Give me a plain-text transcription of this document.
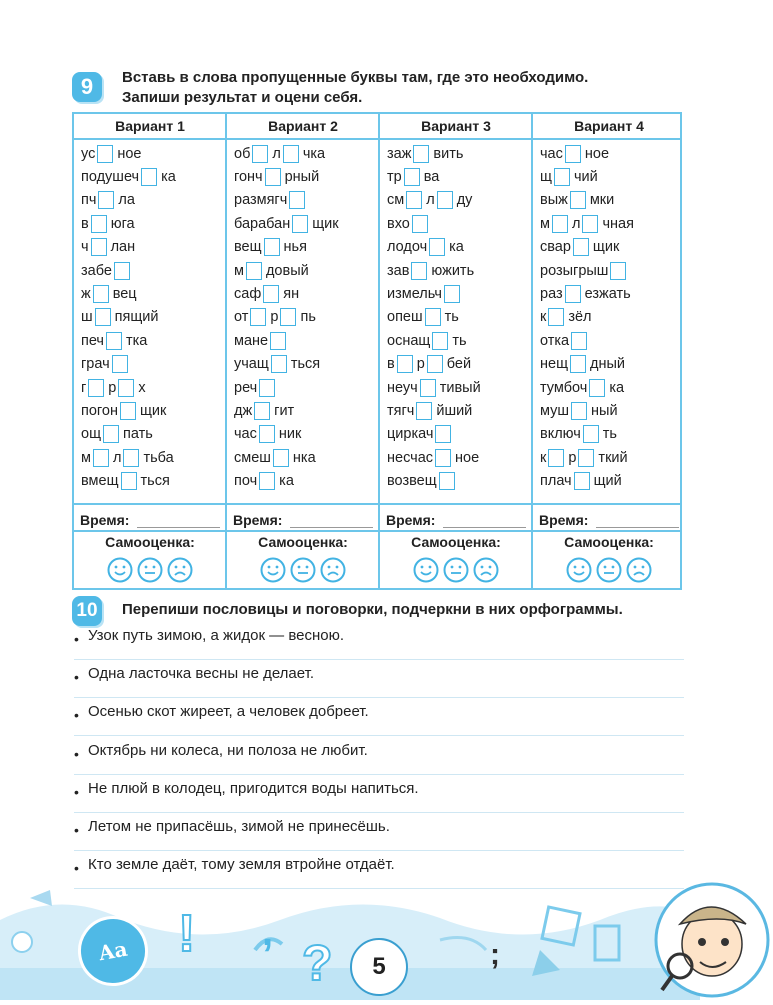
9 Вставь в слова пропущенные буквы там, где это необходимо.
Запиши результат и оцени себя.
Вариант 1
ус ное
подушеч ка
пч ла
в юга
ч лан
забе
ж вец
ш пящий
печ тка
грач
г р х
погон щик
ощ пать
м л тьба
вмещ ться
Время:
Самооценка:
Вариант 2
об л чка
гонч рный
размягч
барабан щик
вещ нья
м довый
саф ян
от р пь
мане
учащ ться
реч
дж гит
час ник
смеш нка
поч ка
Время:
Самооценка:
Вариант 3
заж вить
тр ва
см л ду
вхо
лодоч ка
зав южить
измельч
опеш ть
оснащ ть
в р бей
неуч тивый
тягч йший
циркач
несчас ное
возвещ
Время:
Самооценка:
Вариант 4
час ное
щ чий
выж мки
м л чная
свар щик
розыгрыш
раз езжать
к зёл
отка
нещ дный
тумбоч ка
муш ный
включ ть
к р ткий
плач щий
Время:
Самооценка:
10 Перепиши пословицы и поговорки, подчеркни в них орфограммы.
• Узок путь зимою, а жидок — весною.
• Одна ласточка весны не делает.
• Осенью скот жиреет, а человек добреет.
• Октябрь ни колеса, ни полоза не любит.
• Не плюй в колодец, пригодится воды напиться.
• Летом не припасёшь, зимой не принесёшь.
• Кто земле даёт, тому земля втройне отдаёт.
Aa ! ,
?	;
5
